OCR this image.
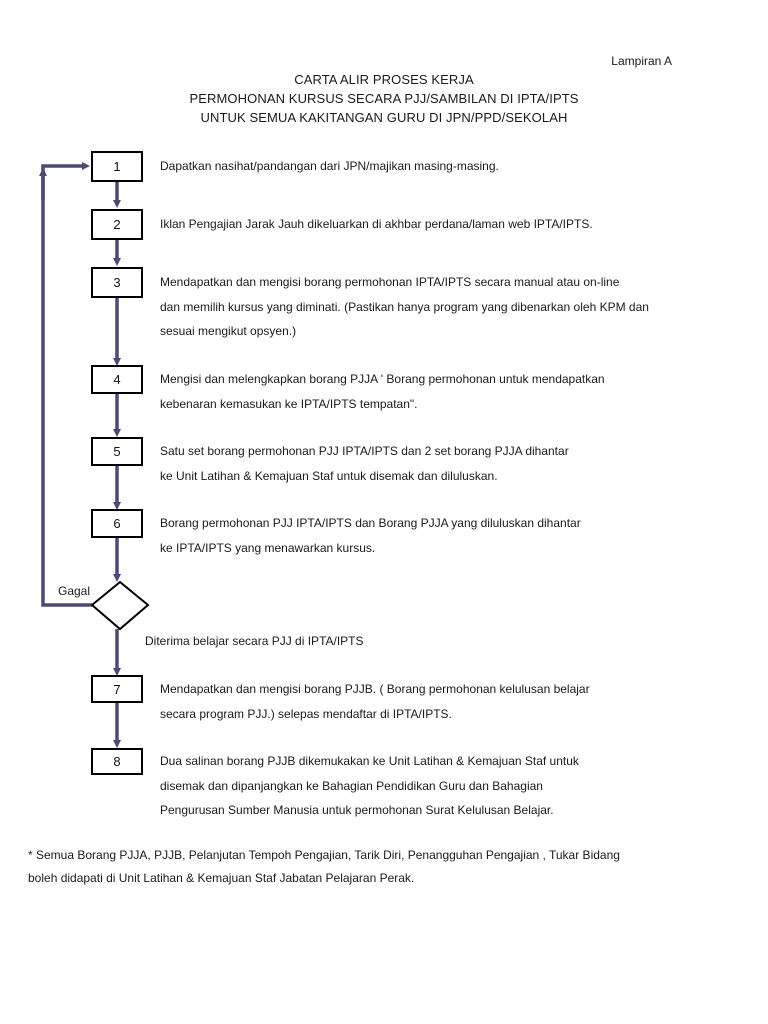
Lampiran A
CARTA ALIR PROSES KERJA
PERMOHONAN KURSUS SECARA PJJ/SAMBILAN DI IPTA/IPTS
UNTUK SEMUA KAKITANGAN GURU DI JPN/PPD/SEKOLAH
1
2
3
4
5
6
7
8
Dapatkan nasihat/pandangan dari JPN/majikan masing-masing.
Iklan Pengajian Jarak Jauh dikeluarkan di akhbar perdana/laman web IPTA/IPTS.
Mendapatkan dan mengisi borang permohonan IPTA/IPTS secara manual atau on-line
dan memilih kursus yang diminati. (Pastikan hanya program yang dibenarkan oleh KPM dan
sesuai mengikut opsyen.)
Mengisi dan melengkapkan borang PJJA ' Borang permohonan untuk mendapatkan
kebenaran kemasukan ke IPTA/IPTS tempatan".
Satu set borang permohonan PJJ IPTA/IPTS dan 2 set borang PJJA dihantar
ke Unit Latihan & Kemajuan Staf untuk disemak dan diluluskan.
Borang permohonan PJJ IPTA/IPTS dan Borang PJJA yang diluluskan dihantar
ke IPTA/IPTS yang menawarkan kursus.
Gagal
Diterima belajar secara PJJ di IPTA/IPTS
Mendapatkan dan mengisi borang PJJB. ( Borang permohonan kelulusan belajar
secara program PJJ.) selepas mendaftar di IPTA/IPTS.
Dua salinan borang PJJB dikemukakan ke Unit Latihan & Kemajuan Staf untuk
disemak dan dipanjangkan ke Bahagian Pendidikan Guru dan Bahagian
Pengurusan Sumber Manusia untuk permohonan Surat Kelulusan Belajar.
* Semua Borang PJJA, PJJB, Pelanjutan Tempoh Pengajian, Tarik Diri, Penangguhan Pengajian , Tukar Bidang
boleh didapati di Unit Latihan & Kemajuan Staf Jabatan Pelajaran Perak.
